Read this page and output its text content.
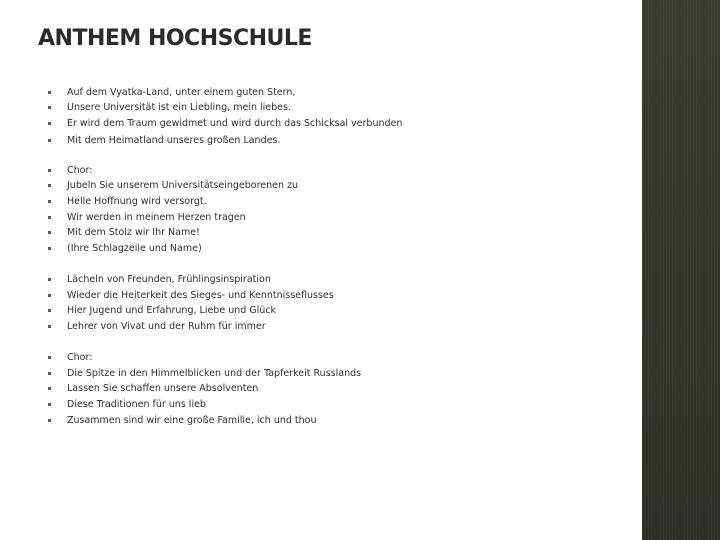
ANTHEM HOCHSCHULE
Auf dem Vyatka-Land, unter einem guten Stern,
Unsere Universität ist ein Liebling, mein liebes.
Er wird dem Traum gewidmet und wird durch das Schicksal verbunden
Mit dem Heimatland unseres großen Landes.
Chor:
Jubeln Sie unserem Universitätseingeborenen zu
Helle Hoffnung wird versorgt.
Wir werden in meinem Herzen tragen
Mit dem Stolz wir Ihr Name!
(Ihre Schlagzeile und Name)
Lächeln von Freunden, Frühlingsinspiration
Wieder die Heiterkeit des Sieges- und Kenntnisseflusses
Hier Jugend und Erfahrung, Liebe und Glück
Lehrer von Vivat und der Ruhm für immer
Chor:
Die Spitze in den Himmelblicken und der Tapferkeit Russlands
Lassen Sie schaffen unsere Absolventen
Diese Traditionen für uns lieb
Zusammen sind wir eine große Familie, ich und thou
